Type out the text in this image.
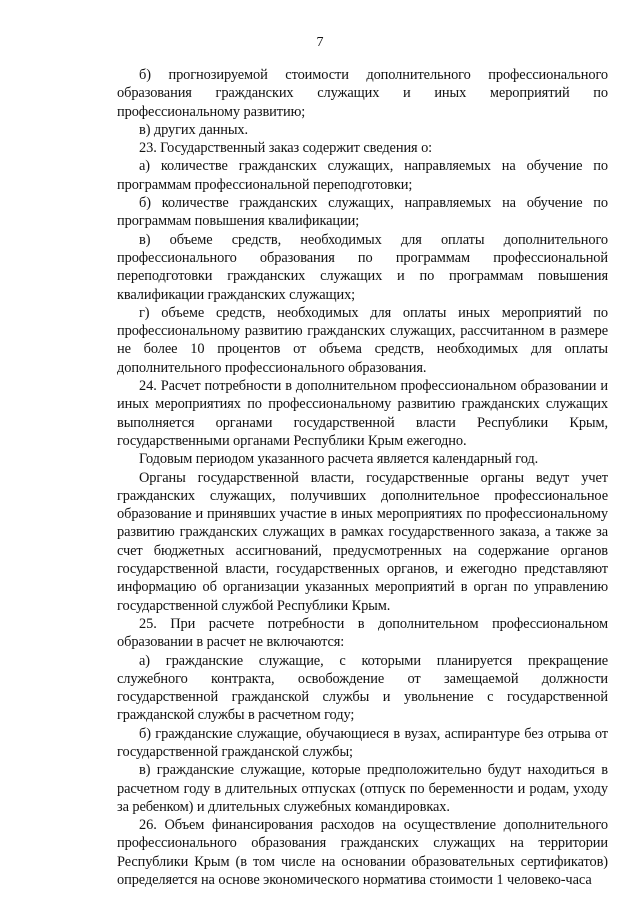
7

б) прогнозируемой стоимости дополнительного профессионального образования гражданских служащих и иных мероприятий по профессиональному развитию;

в) других данных.

23. Государственный заказ содержит сведения о:

а) количестве гражданских служащих, направляемых на обучение по программам профессиональной переподготовки;

б) количестве гражданских служащих, направляемых на обучение по программам повышения квалификации;

в) объеме средств, необходимых для оплаты дополнительного профессионального образования по программам профессиональной переподготовки гражданских служащих и по программам повышения квалификации гражданских служащих;

г) объеме средств, необходимых для оплаты иных мероприятий по профессиональному развитию гражданских служащих, рассчитанном в размере не более 10 процентов от объема средств, необходимых для оплаты дополнительного профессионального образования.

24. Расчет потребности в дополнительном профессиональном образовании и иных мероприятиях по профессиональному развитию гражданских служащих выполняется органами государственной власти Республики Крым, государственными органами Республики Крым ежегодно.

Годовым периодом указанного расчета является календарный год.

Органы государственной власти, государственные органы ведут учет гражданских служащих, получивших дополнительное профессиональное образование и принявших участие в иных мероприятиях по профессиональному развитию гражданских служащих в рамках государственного заказа, а также за счет бюджетных ассигнований, предусмотренных на содержание органов государственной власти, государственных органов, и ежегодно представляют информацию об организации указанных мероприятий в орган по управлению государственной службой Республики Крым.

25. При расчете потребности в дополнительном профессиональном образовании в расчет не включаются:

а) гражданские служащие, с которыми планируется прекращение служебного контракта, освобождение от замещаемой должности государственной гражданской службы и увольнение с государственной гражданской службы в расчетном году;

б) гражданские служащие, обучающиеся в вузах, аспирантуре без отрыва от государственной гражданской службы;

в) гражданские служащие, которые предположительно будут находиться в расчетном году в длительных отпусках (отпуск по беременности и родам, уходу за ребенком) и длительных служебных командировках.

26. Объем финансирования расходов на осуществление дополнительного профессионального образования гражданских служащих на территории Республики Крым (в том числе на основании образовательных сертификатов) определяется на основе экономического норматива стоимости 1 человеко-часа
